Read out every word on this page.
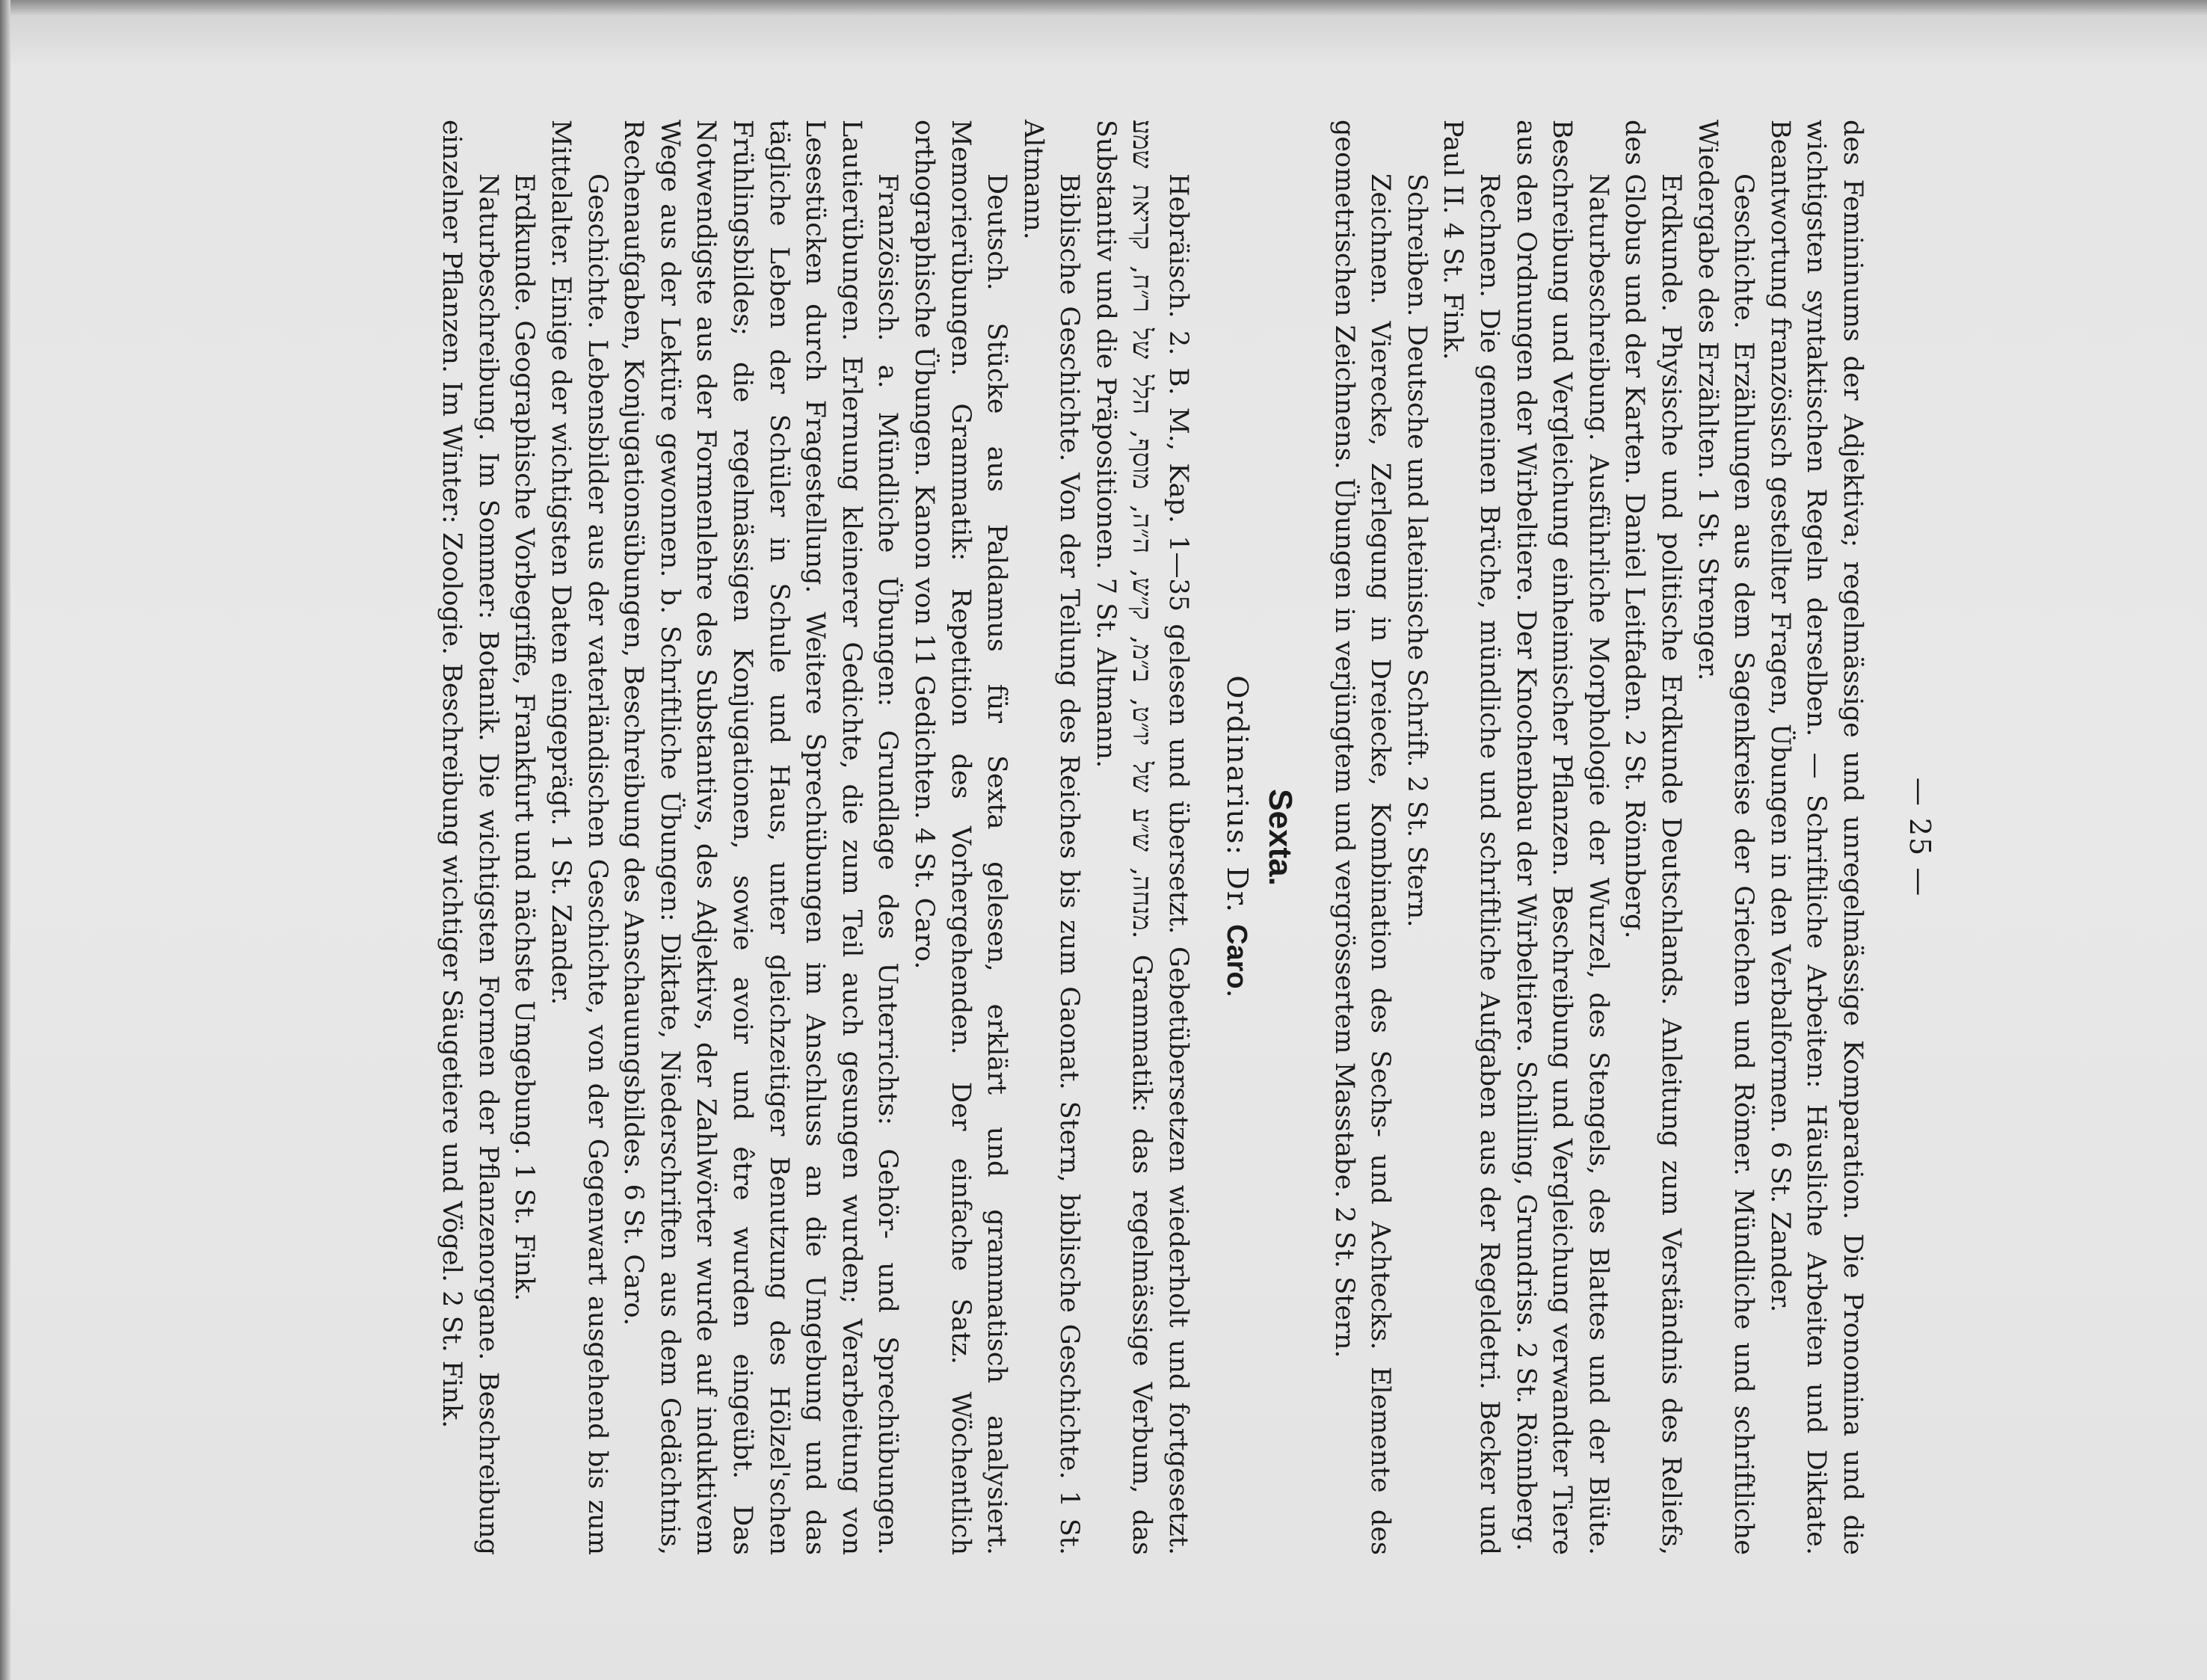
— 25 —

des Femininums der Adjektiva; regelmässige und unregelmässige Komparation. Die Pronomina und die wichtigsten syntaktischen Regeln derselben. — Schriftliche Arbeiten: Häusliche Arbeiten und Diktate. Beantwortung französisch gestellter Fragen, Übungen in den Verbalformen. 6 St. Zander.

Geschichte. Erzählungen aus dem Sagenkreise der Griechen und Römer. Mündliche und schriftliche Wiedergabe des Erzählten. 1 St. Strenger.

Erdkunde. Physische und politische Erdkunde Deutschlands. Anleitung zum Verständnis des Reliefs, des Globus und der Karten. Daniel Leitfaden. 2 St. Rönnberg.

Naturbeschreibung. Ausführliche Morphologie der Wurzel, des Stengels, des Blattes und der Blüte. Beschreibung und Vergleichung einheimischer Pflanzen. Beschreibung und Vergleichung verwandter Tiere aus den Ordnungen der Wirbeltiere. Der Knochenbau der Wirbeltiere. Schilling, Grundriss. 2 St. Rönnberg.

Rechnen. Die gemeinen Brüche, mündliche und schriftliche Aufgaben aus der Regeldetri. Becker und Paul II. 4 St. Fink.

Schreiben. Deutsche und lateinische Schrift. 2 St. Stern.

Zeichnen. Vierecke, Zerlegung in Dreiecke, Kombination des Sechs- und Achtecks. Elemente des geometrischen Zeichnens. Übungen in verjüngtem und vergrössertem Masstabe. 2 St. Stern.

Sexta.
Ordinarius: Dr. Caro.

Hebräisch. 2. B. M., Kap. 1—35 gelesen und übersetzt. Gebetübersetzen wiederholt und fortgesetzt. מנחה, ש״ע של יו״ט, ב״מ, ק״ש, ה״ה, מוסף, הלל של ר״ח, קריאת שמע. Grammatik: das regelmässige Verbum, das Substantiv und die Präpositionen. 7 St. Altmann.

Biblische Geschichte. Von der Teilung des Reiches bis zum Gaonat. Stern, biblische Geschichte. 1 St. Altmann.

Deutsch. Stücke aus Paldamus für Sexta gelesen, erklärt und grammatisch analysiert. Memorierübungen. Grammatik: Repetition des Vorhergehenden. Der einfache Satz. Wöchentlich orthographische Übungen. Kanon von 11 Gedichten. 4 St. Caro.

Französisch. a. Mündliche Übungen: Grundlage des Unterrichts: Gehör- und Sprechübungen. Lautierübungen. Erlernung kleinerer Gedichte, die zum Teil auch gesungen wurden; Verarbeitung von Lesestücken durch Fragestellung. Weitere Sprechübungen im Anschluss an die Umgebung und das tägliche Leben der Schüler in Schule und Haus, unter gleichzeitiger Benutzung des Hölzel'schen Frühlingsbildes; die regelmässigen Konjugationen, sowie avoir und être wurden eingeübt. Das Notwendigste aus der Formenlehre des Substantivs, des Adjektivs, der Zahlwörter wurde auf induktivem Wege aus der Lektüre gewonnen. b. Schriftliche Übungen: Diktate, Niederschriften aus dem Gedächtnis, Rechenaufgaben, Konjugationsübungen, Beschreibung des Anschauungsbildes. 6 St. Caro.

Geschichte. Lebensbilder aus der vaterländischen Geschichte, von der Gegenwart ausgehend bis zum Mittelalter. Einige der wichtigsten Daten eingeprägt. 1 St. Zander.

Erdkunde. Geographische Vorbegriffe, Frankfurt und nächste Umgebung. 1 St. Fink.

Naturbeschreibung. Im Sommer: Botanik. Die wichtigsten Formen der Pflanzenorgane. Beschreibung einzelner Pflanzen. Im Winter: Zoologie. Beschreibung wichtiger Säugetiere und Vögel. 2 St. Fink.
